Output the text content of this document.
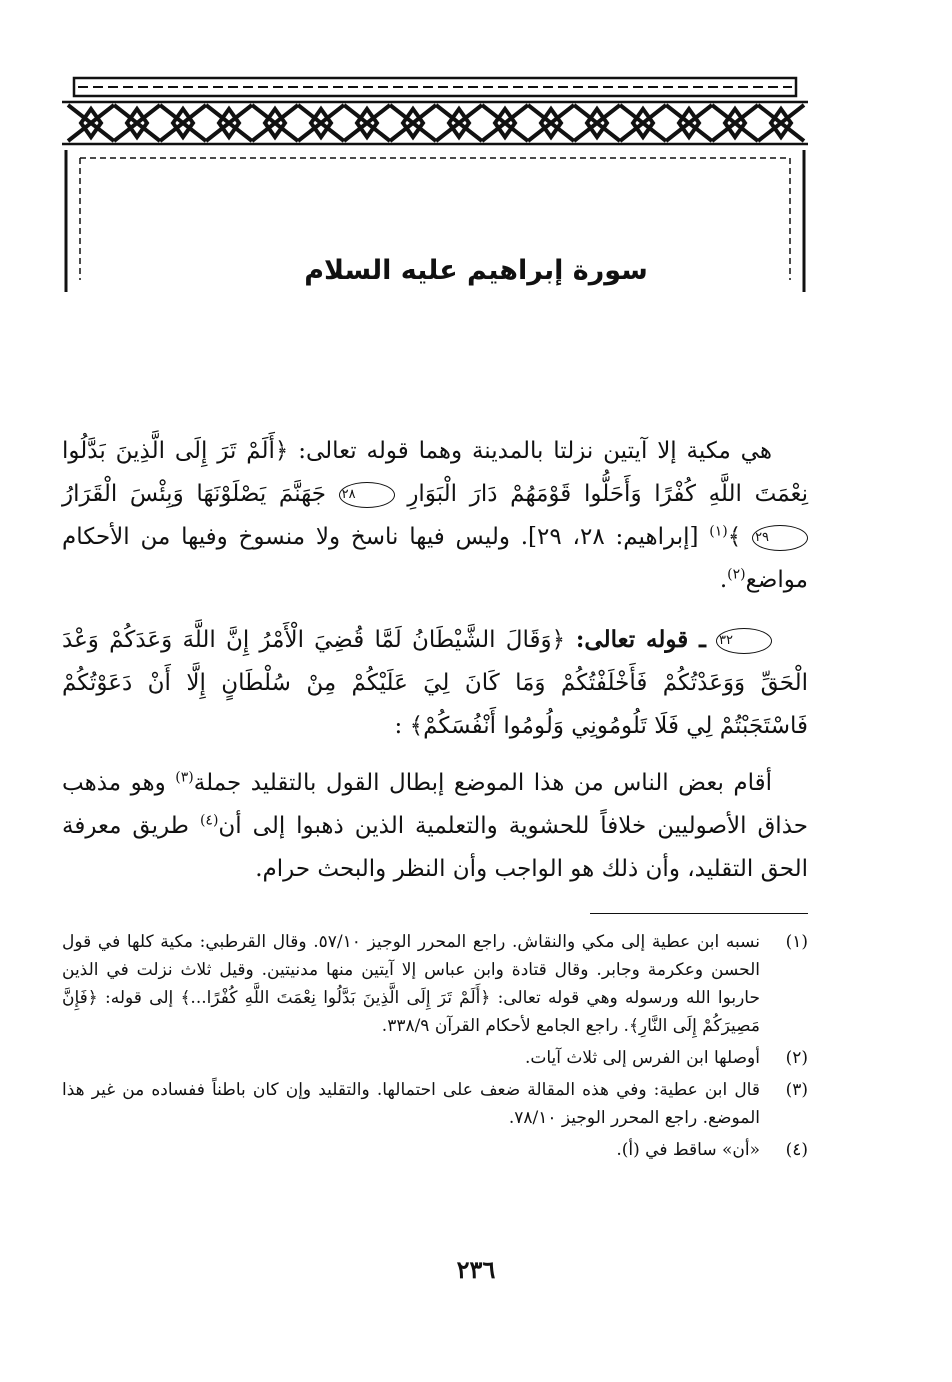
سورة إبراهيم عليه السلام

هي مكية إلا آيتين نزلتا بالمدينة وهما قوله تعالى: ﴿أَلَمْ تَرَ إِلَى الَّذِينَ بَدَّلُوا نِعْمَتَ اللَّهِ كُفْرًا وَأَحَلُّوا قَوْمَهُمْ دَارَ الْبَوَارِ ٢٨ جَهَنَّمَ يَصْلَوْنَهَا وَبِئْسَ الْقَرَارُ ٢٩ ﴾$^{(١)}$ [إبراهيم: ٢٨، ٢٩]. وليس فيها ناسخ ولا منسوخ وفيها من الأحكام مواضع$^{(٢)}$.

٣٢ ـ قوله تعالى: ﴿وَقَالَ الشَّيْطَانُ لَمَّا قُضِيَ الْأَمْرُ إِنَّ اللَّهَ وَعَدَكُمْ وَعْدَ الْحَقِّ وَوَعَدْتُكُمْ فَأَخْلَفْتُكُمْ وَمَا كَانَ لِيَ عَلَيْكُمْ مِنْ سُلْطَانٍ إِلَّا أَنْ دَعَوْتُكُمْ فَاسْتَجَبْتُمْ لِي فَلَا تَلُومُونِي وَلُومُوا أَنْفُسَكُمْ﴾ :

أقام بعض الناس من هذا الموضع إبطال القول بالتقليد جملة$^{(٣)}$ وهو مذهب حذاق الأصوليين خلافاً للحشوية والتعلمية الذين ذهبوا إلى أن$^{(٤)}$ طريق معرفة الحق التقليد، وأن ذلك هو الواجب وأن النظر والبحث حرام.

(١)
نسبه ابن عطية إلى مكي والنقاش. راجع المحرر الوجيز ٥٧/١٠. وقال القرطبي: مكية كلها في قول الحسن وعكرمة وجابر. وقال قتادة وابن عباس إلا آيتين منها مدنيتين. وقيل ثلاث نزلت في الذين حاربوا الله ورسوله وهي قوله تعالى: ﴿أَلَمْ تَرَ إِلَى الَّذِينَ بَدَّلُوا نِعْمَتَ اللَّهِ كُفْرًا...﴾ إلى قوله: ﴿فَإِنَّ مَصِيرَكُمْ إِلَى النَّارِ﴾. راجع الجامع لأحكام القرآن ٣٣٨/٩.
(٢)
أوصلها ابن الفرس إلى ثلاث آيات.
(٣)
قال ابن عطية: وفي هذه المقالة ضعف على احتمالها. والتقليد وإن كان باطناً ففساده من غير هذا الموضع. راجع المحرر الوجيز ٧٨/١٠.
(٤)
«أن» ساقط في (أ).
٢٣٦
